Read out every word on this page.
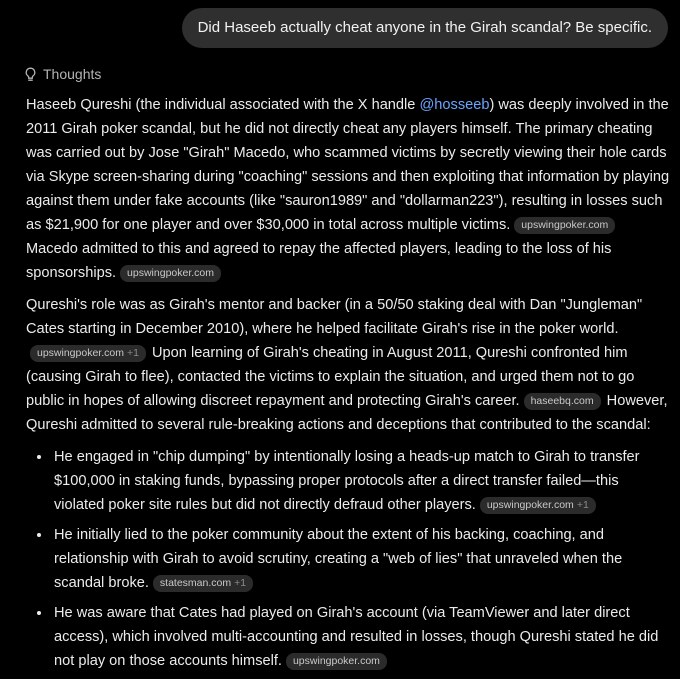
Did Haseeb actually cheat anyone in the Girah scandal? Be specific.
Thoughts

Haseeb Qureshi (the individual associated with the X handle @hosseeb) was deeply involved in the 2011 Girah poker scandal, but he did not directly cheat any players himself. The primary cheating was carried out by Jose "Girah" Macedo, who scammed victims by secretly viewing their hole cards via Skype screen-sharing during "coaching" sessions and then exploiting that information by playing against them under fake accounts (like "sauron1989" and "dollarman223"), resulting in losses such as $21,900 for one player and over $30,000 in total across multiple victims. upswingpoker.com Macedo admitted to this and agreed to repay the affected players, leading to the loss of his sponsorships. upswingpoker.com

Qureshi's role was as Girah's mentor and backer (in a 50/50 staking deal with Dan "Jungleman" Cates starting in December 2010), where he helped facilitate Girah's rise in the poker world.upswingpoker.com +1 Upon learning of Girah's cheating in August 2011, Qureshi confronted him (causing Girah to flee), contacted the victims to explain the situation, and urged them not to go public in hopes of allowing discreet repayment and protecting Girah's career. haseebq.com However, Qureshi admitted to several rule-breaking actions and deceptions that contributed to the scandal:

• He engaged in "chip dumping" by intentionally losing a heads-up match to Girah to transfer $100,000 in staking funds, bypassing proper protocols after a direct transfer failed—this violated poker site rules but did not directly defraud other players. upswingpoker.com +1
• He initially lied to the poker community about the extent of his backing, coaching, and relationship with Girah to avoid scrutiny, creating a "web of lies" that unraveled when the scandal broke. statesman.com +1
• He was aware that Cates had played on Girah's account (via TeamViewer and later direct access), which involved multi-accounting and resulted in losses, though Qureshi stated he did not play on those accounts himself. upswingpoker.com
